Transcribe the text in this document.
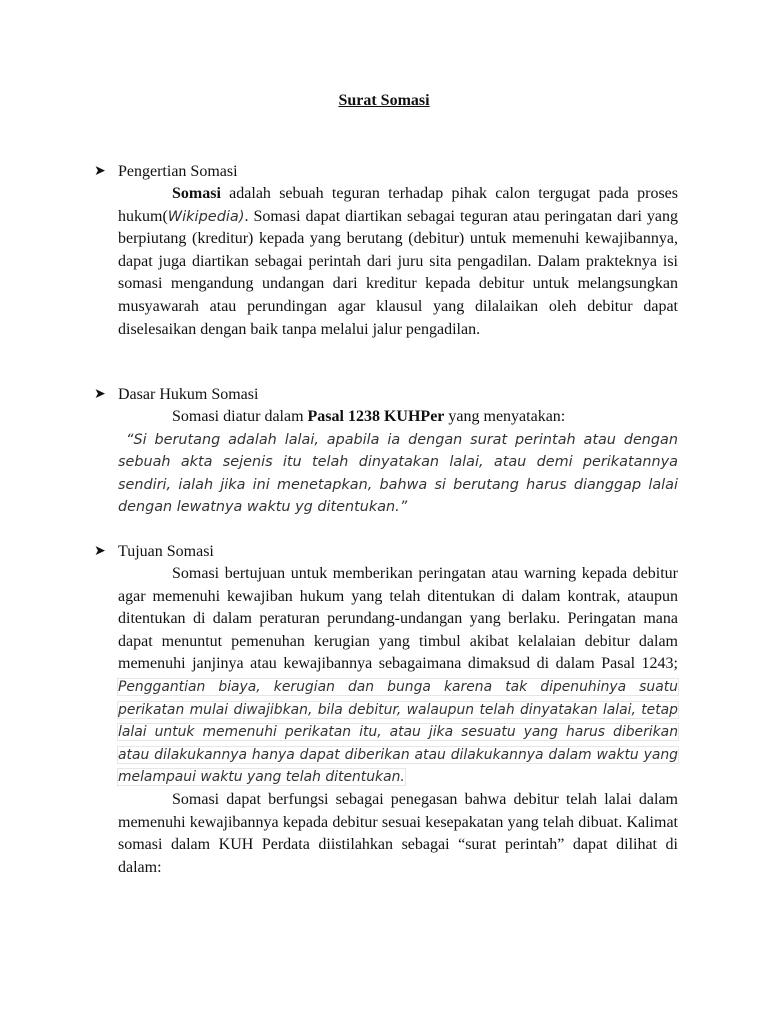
Surat Somasi
➤ Pengertian Somasi
Somasi adalah sebuah teguran terhadap pihak calon tergugat pada proses hukum(Wikipedia). Somasi dapat diartikan sebagai teguran atau peringatan dari yang berpiutang (kreditur) kepada yang berutang (debitur) untuk memenuhi kewajibannya, dapat juga diartikan sebagai perintah dari juru sita pengadilan. Dalam prakteknya isi somasi mengandung undangan dari kreditur kepada debitur untuk melangsungkan musyawarah atau perundingan agar klausul yang dilalaikan oleh debitur dapat diselesaikan dengan baik tanpa melalui jalur pengadilan.
➤ Dasar Hukum Somasi
Somasi diatur dalam Pasal 1238 KUHPer yang menyatakan:
“Si berutang adalah lalai, apabila ia dengan surat perintah atau dengan sebuah akta sejenis itu telah dinyatakan lalai, atau demi perikatannya sendiri, ialah jika ini menetapkan, bahwa si berutang harus dianggap lalai dengan lewatnya waktu yg ditentukan.”
➤ Tujuan Somasi
Somasi bertujuan untuk memberikan peringatan atau warning kepada debitur agar memenuhi kewajiban hukum yang telah ditentukan di dalam kontrak, ataupun ditentukan di dalam peraturan perundang-undangan yang berlaku. Peringatan mana dapat menuntut pemenuhan kerugian yang timbul akibat kelalaian debitur dalam memenuhi janjinya atau kewajibannya sebagaimana dimaksud di dalam Pasal 1243; Penggantian biaya, kerugian dan bunga karena tak dipenuhinya suatu perikatan mulai diwajibkan, bila debitur, walaupun telah dinyatakan lalai, tetap lalai untuk memenuhi perikatan itu, atau jika sesuatu yang harus diberikan atau dilakukannya hanya dapat diberikan atau dilakukannya dalam waktu yang melampaui waktu yang telah ditentukan.
Somasi dapat berfungsi sebagai penegasan bahwa debitur telah lalai dalam memenuhi kewajibannya kepada debitur sesuai kesepakatan yang telah dibuat. Kalimat somasi dalam KUH Perdata diistilahkan sebagai “surat perintah” dapat dilihat di dalam:
